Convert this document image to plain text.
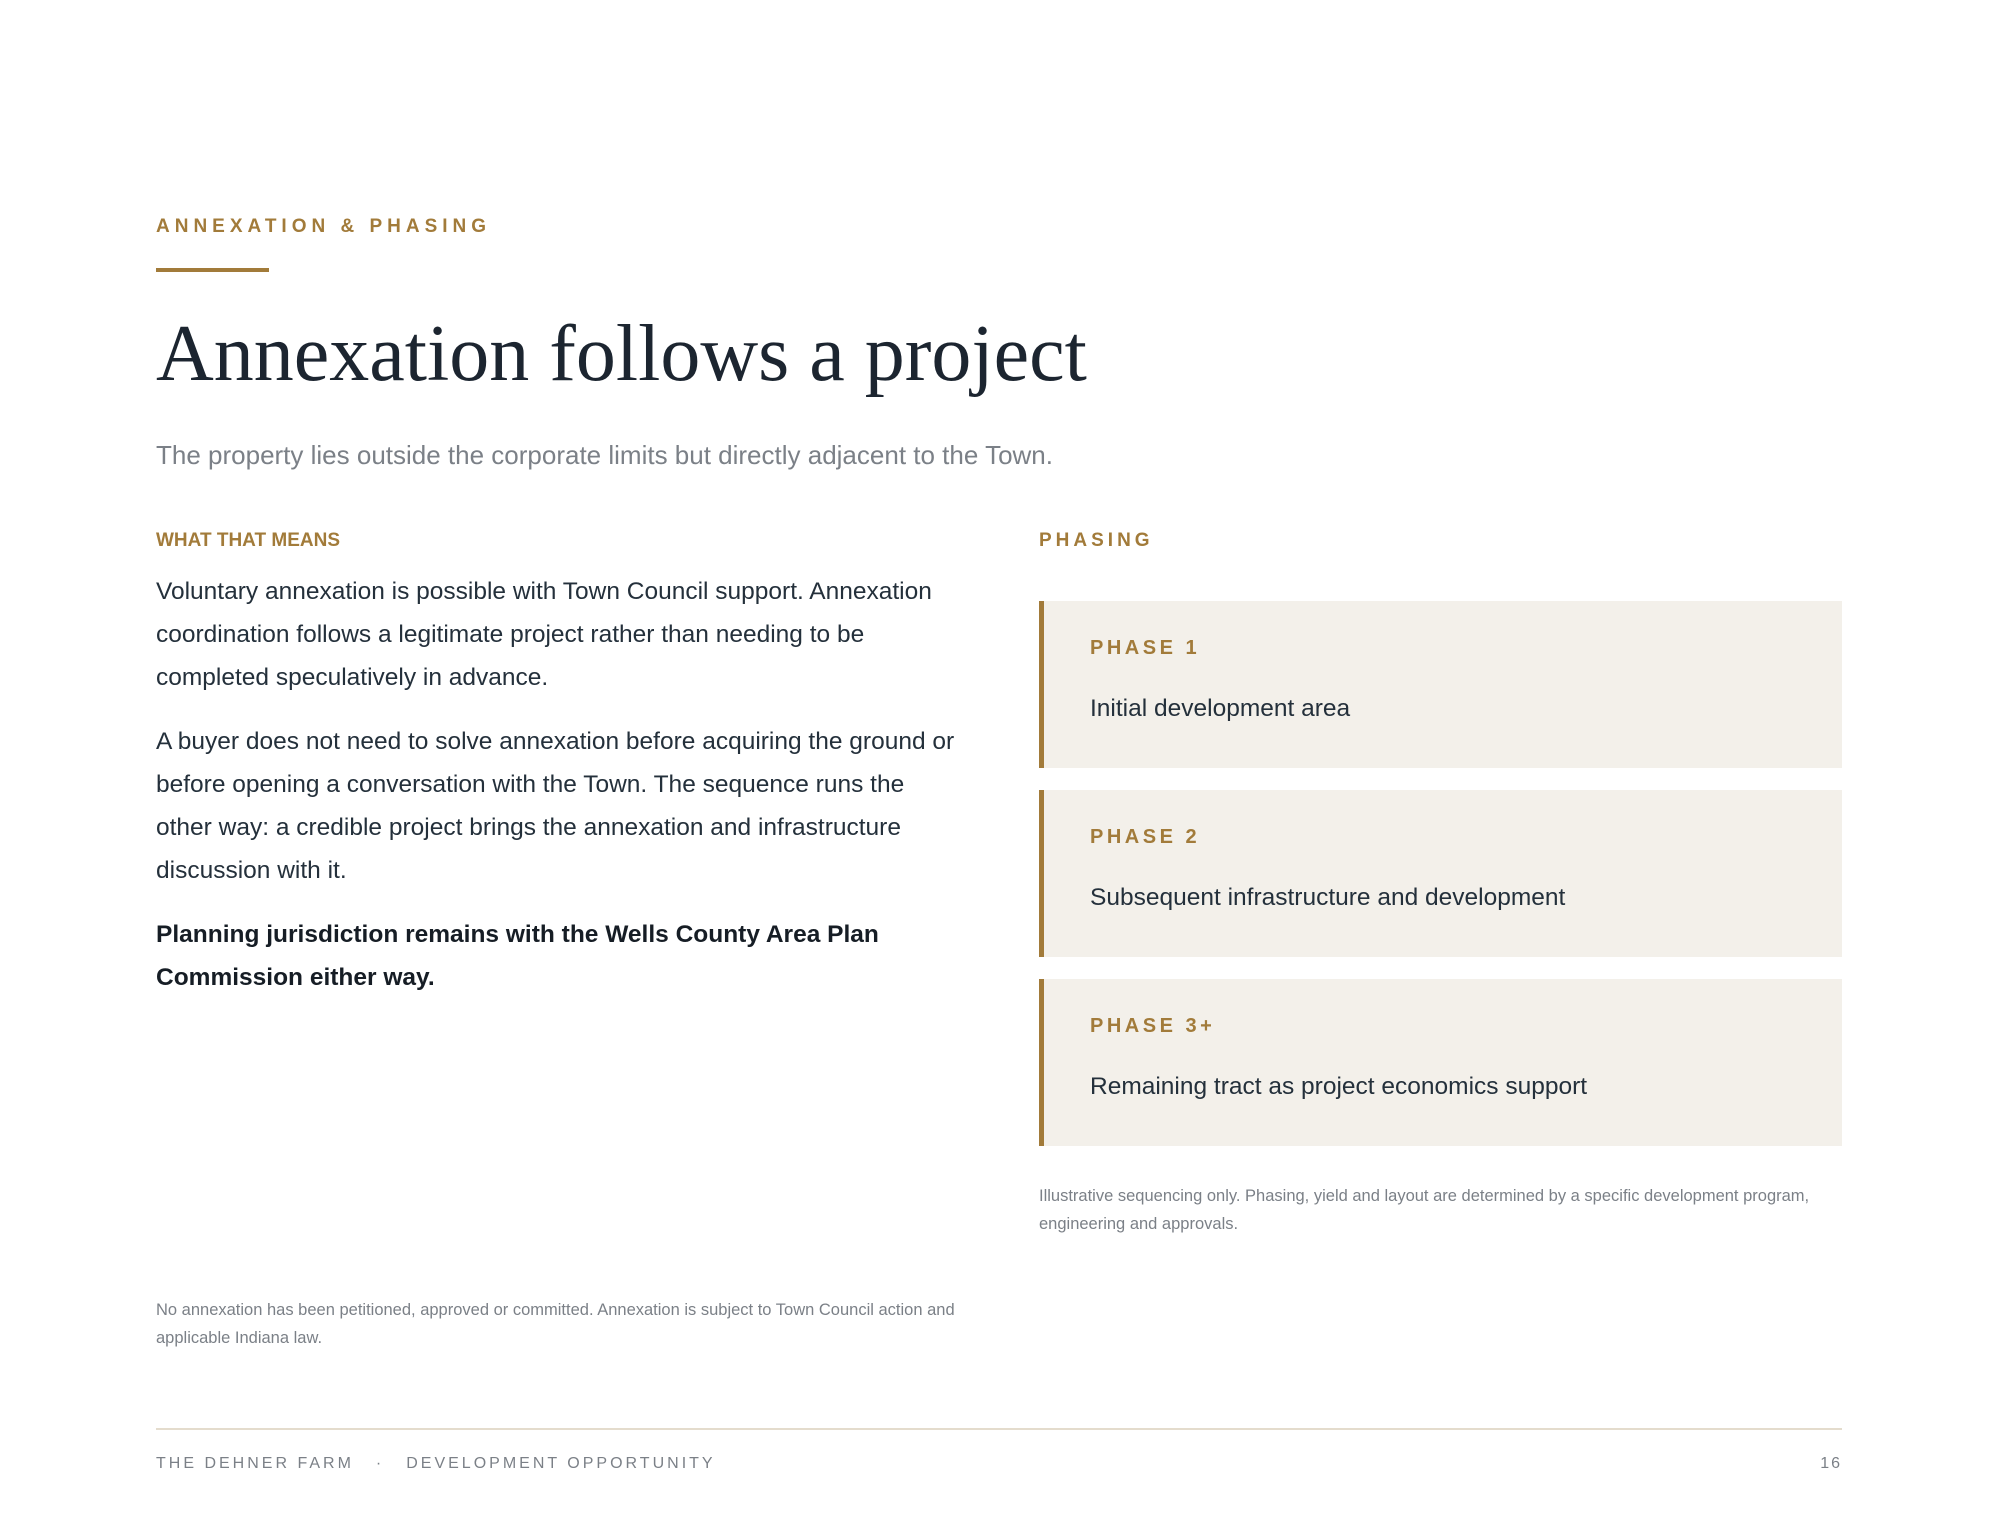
ANNEXATION & PHASING
Annexation follows a project
The property lies outside the corporate limits but directly adjacent to the Town.
WHAT THAT MEANS

Voluntary annexation is possible with Town Council support. Annexation coordination follows a legitimate project rather than needing to be completed speculatively in advance.

A buyer does not need to solve annexation before acquiring the ground or before opening a conversation with the Town. The sequence runs the other way: a credible project brings the annexation and infrastructure discussion with it.

Planning jurisdiction remains with the Wells County Area Plan Commission either way.

No annexation has been petitioned, approved or committed. Annexation is subject to Town Council action and applicable Indiana law.
PHASING
PHASE 1
Initial development area
PHASE 2
Subsequent infrastructure and development
PHASE 3+
Remaining tract as project economics support
Illustrative sequencing only. Phasing, yield and layout are determined by a specific development program, engineering and approvals.
THE DEHNER FARM · DEVELOPMENT OPPORTUNITY	16
